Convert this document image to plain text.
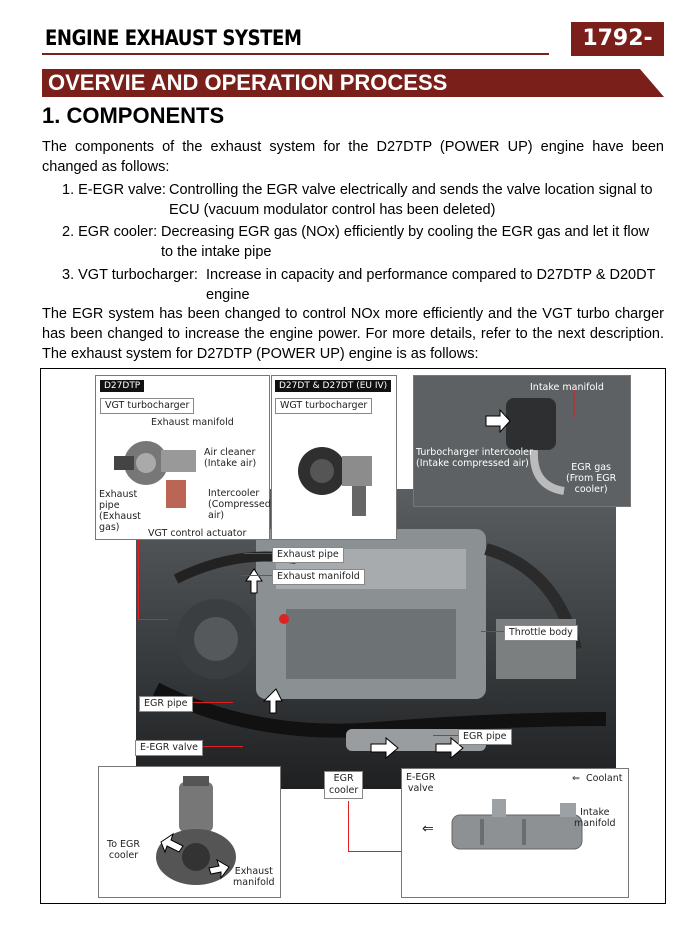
ENGINE EXHAUST SYSTEM	1792-
OVERVIE AND OPERATION PROCESS
1. COMPONENTS
The components of the exhaust system for the D27DTP (POWER UP) engine have been
changed as follows:
1. E-EGR valve: Controlling the EGR valve electrically and sends the valve location signal to
ECU (vacuum modulator control has been deleted)
2. EGR cooler: Decreasing EGR gas (NOx) efficiently by cooling the EGR gas and let it flow
to the intake pipe
3. VGT turbocharger: Increase in capacity and performance compared to D27DTP & D20DT
engine
The EGR system has been changed to control NOx more efficiently and the VGT turbo charger
has been changed to increase the engine power. For more details, refer to the next description.
The exhaust system for D27DTP (POWER UP) engine is as follows:
D27DTP
VGT turbocharger
Exhaust manifold
Air cleaner
(Intake air)
Intercooler
(Compressed
air)
Exhaust
pipe
(Exhaust
gas)
VGT control actuator
D27DT & D27DT (EU IV)
WGT turbocharger
Intake manifold
Turbocharger intercooler
(Intake compressed air)	EGR gas
(From EGR
cooler)
Exhaust pipe
Exhaust manifold
Throttle body
EGR pipe
E-EGR valve
EGR pipe
EGR
cooler
To EGR
cooler
Exhaust
manifold
E-EGR
valve
Coolant
Intake
manifold
⇐
⇐
